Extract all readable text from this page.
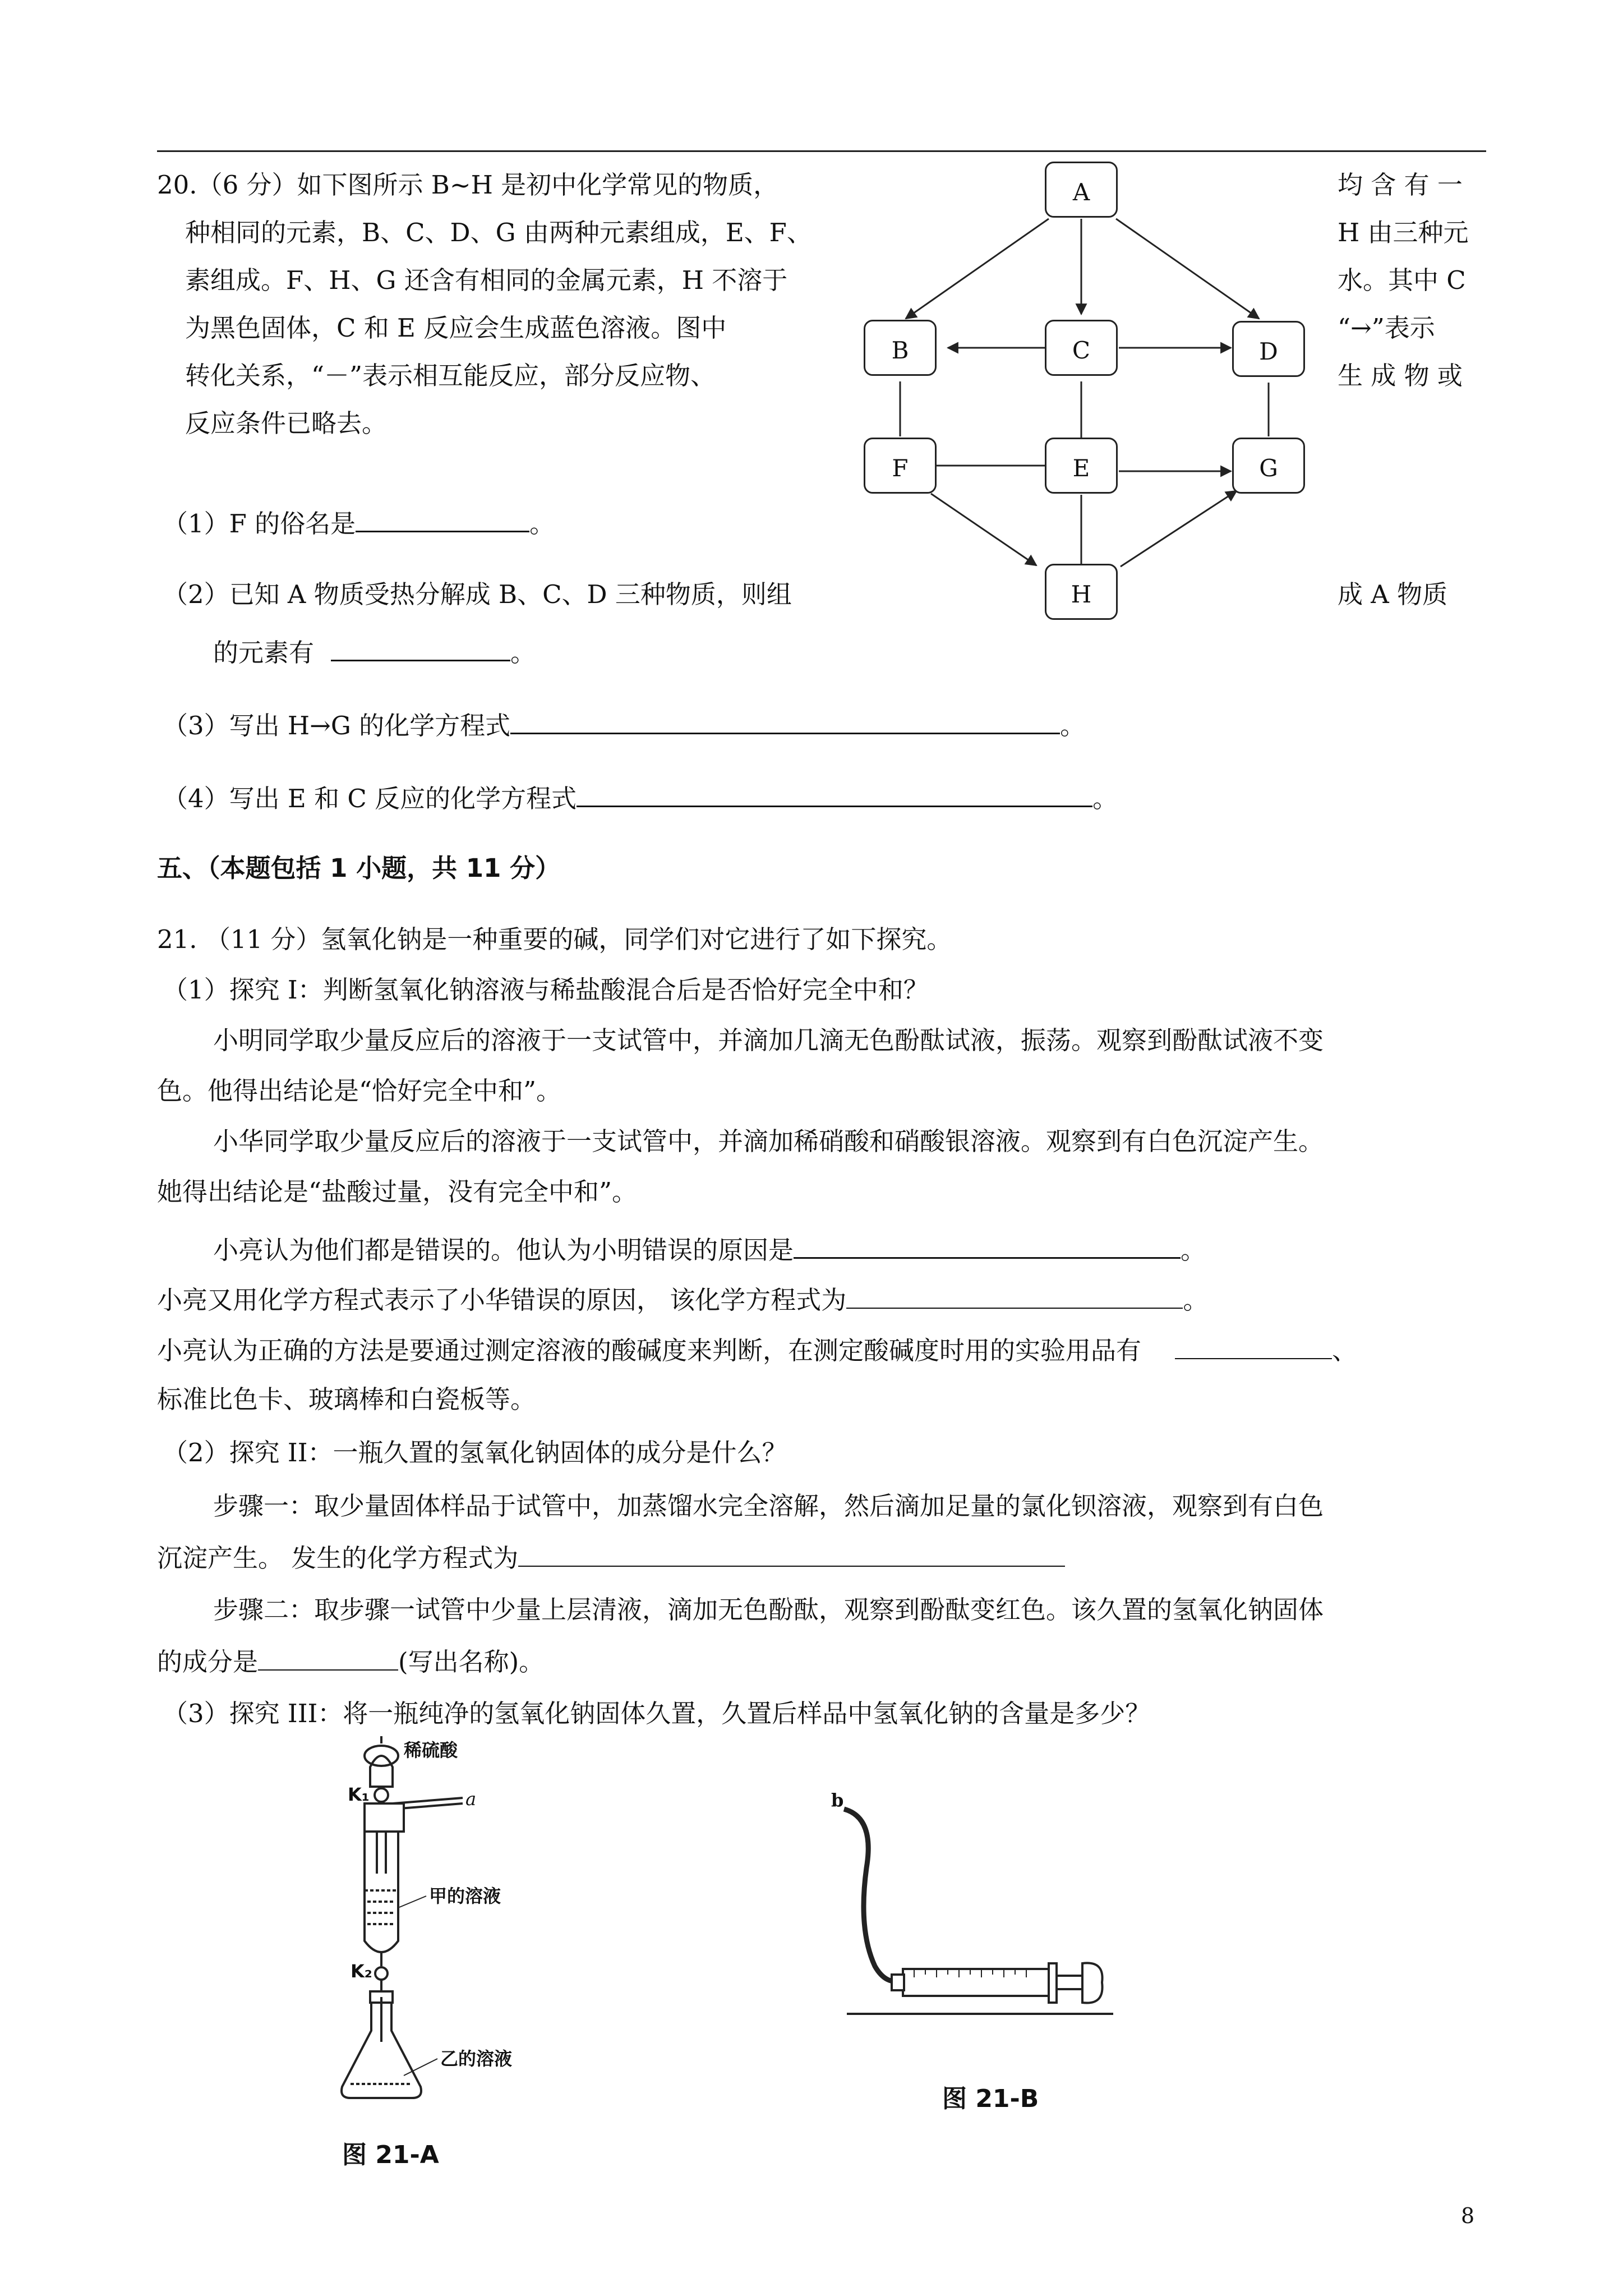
20.（6 分）如下图所示 B~H 是初中化学常见的物质，	均 含 有 一
种相同的元素，B、C、D、G 由两种元素组成，E、F、	H 由三种元
素组成。F、H、G 还含有相同的金属元素，H 不溶于	水。其中 C
为黑色固体，C 和 E 反应会生成蓝色溶液。图中	“→”表示
转化关系，“－”表示相互能反应，部分反应物、	生 成 物 或
反应条件已略去。
（1）F 的俗名是	。
（2）已知 A 物质受热分解成 B、C、D 三种物质，则组	成 A 物质
的元素有	。
（3）写出 H→G 的化学方程式	。
（4）写出 E 和 C 反应的化学方程式	。
A
B	C	D
F	E	G
H
五、（本题包括 1 小题，共 11 分）
21. （11 分）氢氧化钠是一种重要的碱，同学们对它进行了如下探究。
（1）探究 I：判断氢氧化钠溶液与稀盐酸混合后是否恰好完全中和？
小明同学取少量反应后的溶液于一支试管中，并滴加几滴无色酚酞试液，振荡。观察到酚酞试液不变
色。他得出结论是“恰好完全中和”。
小华同学取少量反应后的溶液于一支试管中，并滴加稀硝酸和硝酸银溶液。观察到有白色沉淀产生。
她得出结论是“盐酸过量，没有完全中和”。
小亮认为他们都是错误的。他认为小明错误的原因是	。
小亮又用化学方程式表示了小华错误的原因， 该化学方程式为	。
小亮认为正确的方法是要通过测定溶液的酸碱度来判断，在测定酸碱度时用的实验用品有	、
标准比色卡、玻璃棒和白瓷板等。
（2）探究 II：一瓶久置的氢氧化钠固体的成分是什么？
步骤一：取少量固体样品于试管中，加蒸馏水完全溶解，然后滴加足量的氯化钡溶液，观察到有白色
沉淀产生。 发生的化学方程式为
步骤二：取步骤一试管中少量上层清液，滴加无色酚酞，观察到酚酞变红色。该久置的氢氧化钠固体
的成分是	(写出名称)。
（3）探究 III：将一瓶纯净的氢氧化钠固体久置，久置后样品中氢氧化钠的含量是多少？
稀硫酸
K₁	a
甲的溶液
K₂
乙的溶液
图 21-A
b
图 21-B
8
